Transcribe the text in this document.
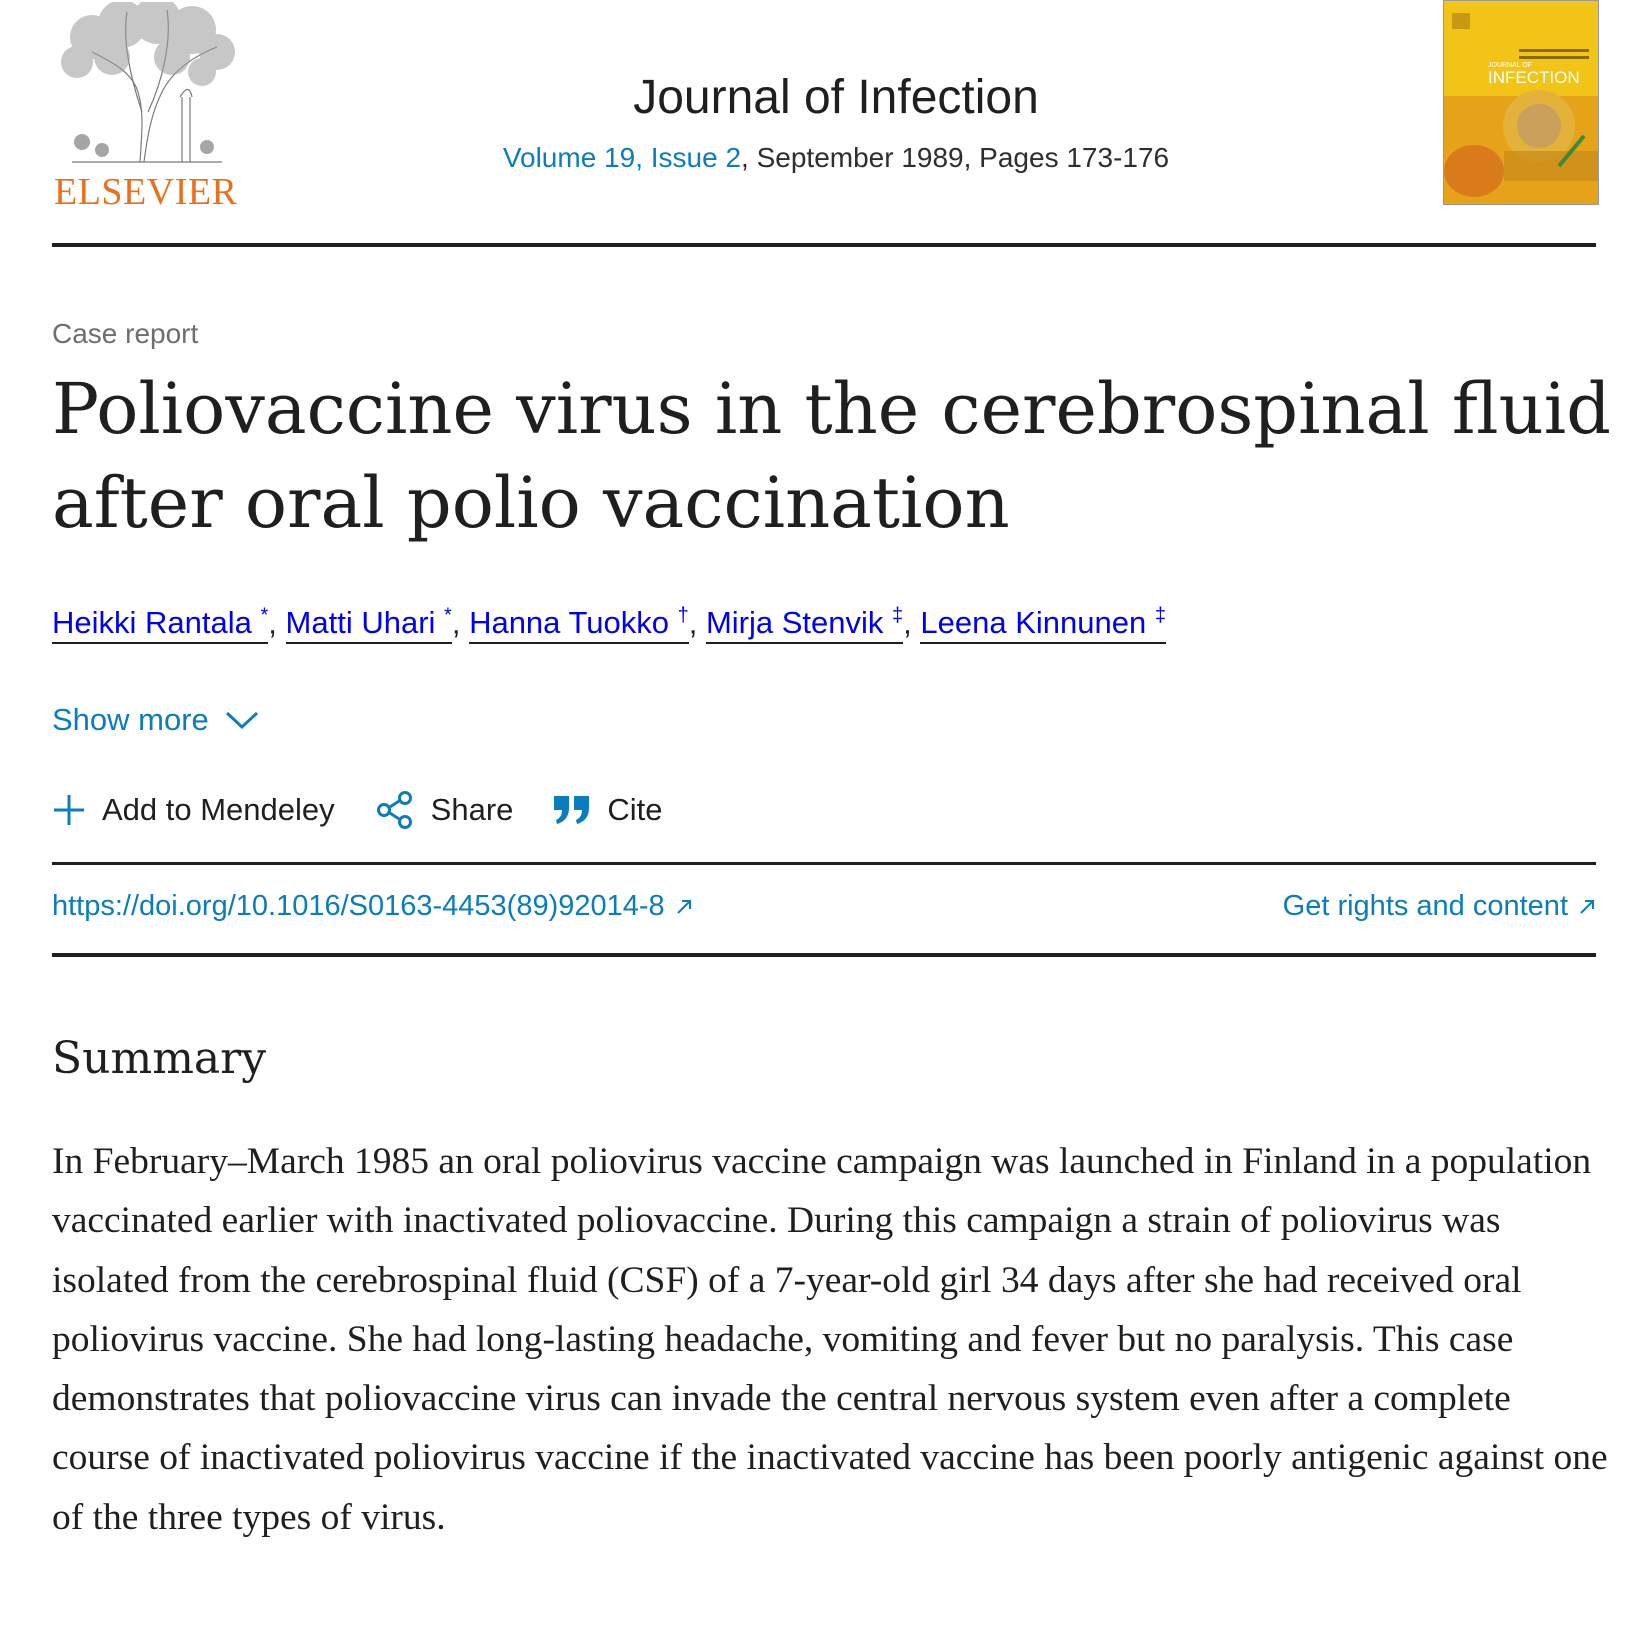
ELSEVIER
Journal of Infection
Volume 19, Issue 2, September 1989, Pages 173-176
JOURNAL OF
INFECTION
Case report
Poliovaccine virus in the cerebrospinal fluid after oral polio vaccination
Heikki Rantala *, Matti Uhari *, Hanna Tuokko †, Mirja Stenvik ‡, Leena Kinnunen ‡
Show more
Add to Mendeley	Share	Cite
https://doi.org/10.1016/S0163-4453(89)92014-8	Get rights and content
Summary
In February–March 1985 an oral poliovirus vaccine campaign was launched in Finland in a population vaccinated earlier with inactivated poliovaccine. During this campaign a strain of poliovirus was isolated from the cerebrospinal fluid (CSF) of a 7-year-old girl 34 days after she had received oral poliovirus vaccine. She had long-lasting headache, vomiting and fever but no paralysis. This case demonstrates that poliovaccine virus can invade the central nervous system even after a complete course of inactivated poliovirus vaccine if the inactivated vaccine has been poorly antigenic against one of the three types of virus.
